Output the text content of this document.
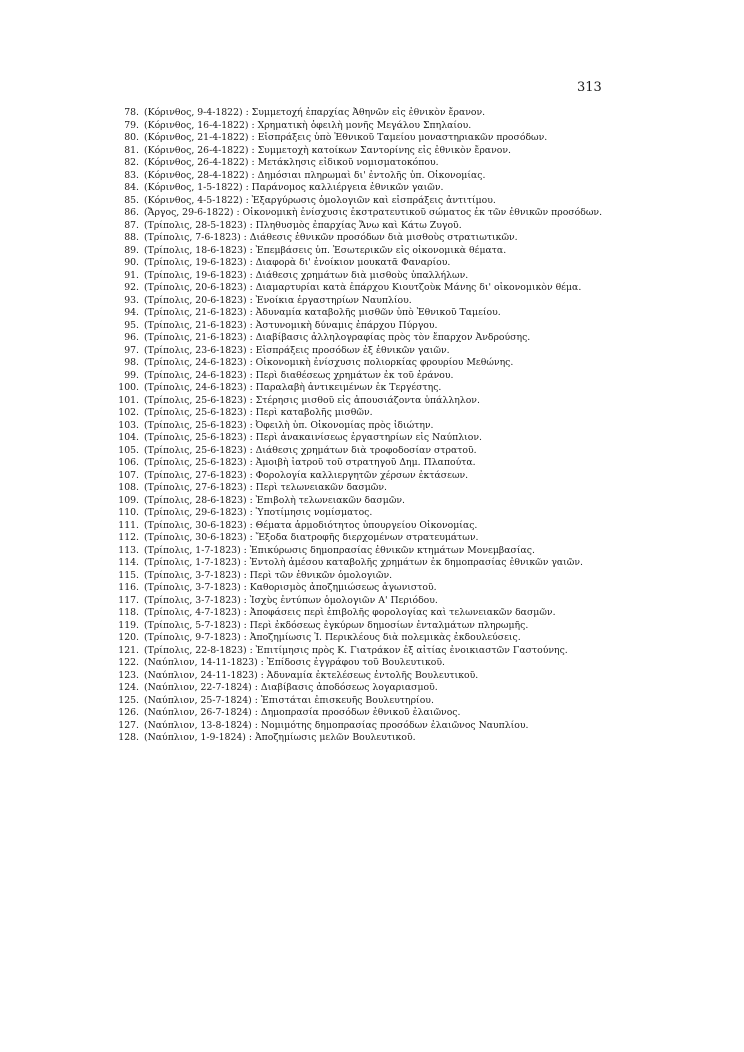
313
78. (Κόρινθος, 9-4-1822) : Συμμετοχή ἐπαρχίας Ἀθηνῶν εἰς ἐθνικὸν ἔρανον.
79. (Κόρινθος, 16-4-1822) : Χρηματικὴ ὀφειλὴ μονῆς Μεγάλου Σπηλαίου.
80. (Κόρινθος, 21-4-1822) : Εἰσπράξεις ὑπὸ Ἐθνικοῦ Ταμείου μοναστηριακῶν προσόδων.
81. (Κόρινθος, 26-4-1822) : Συμμετοχὴ κατοίκων Σαντορίνης εἰς ἐθνικὸν ἔρανον.
82. (Κόρινθος, 26-4-1822) : Μετάκλησις εἰδικοῦ νομισματοκόπου.
83. (Κόρινθος, 28-4-1822) : Δημόσιαι πληρωμαὶ δι' ἐντολῆς ὑπ. Οἰκονομίας.
84. (Κόρινθος, 1-5-1822) : Παράνομος καλλιέργεια ἐθνικῶν γαιῶν.
85. (Κόρινθος, 4-5-1822) : Ἐξαργύρωσις ὁμολογιῶν καὶ εἰσπράξεις ἀντιτίμου.
86. (Ἄργος, 29-6-1822) : Οἰκονομικὴ ἐνίσχυσις ἐκστρατευτικοῦ σώματος ἐκ τῶν ἐθνικῶν προσόδων.
87. (Τρίπολις, 28-5-1823) : Πληθυσμὸς ἐπαρχίας Ἄνω καὶ Κάτω Ζυγοῦ.
88. (Τρίπολις, 7-6-1823) : Διάθεσις ἐθνικῶν προσόδων διὰ μισθοὺς στρατιωτικῶν.
89. (Τρίπολις, 18-6-1823) : Ἐπεμβάσεις ὑπ. Ἐσωτερικῶν εἰς οἰκονομικὰ θέματα.
90. (Τρίπολις, 19-6-1823) : Διαφορὰ δι' ἐνοίκιον μουκατᾶ Φαναρίου.
91. (Τρίπολις, 19-6-1823) : Διάθεσις χρημάτων διὰ μισθοὺς ὑπαλλήλων.
92. (Τρίπολις, 20-6-1823) : Διαμαρτυρίαι κατὰ ἐπάρχου Κιουτζοὺκ Μάνης δι' οἰκονομικὸν θέμα.
93. (Τρίπολις, 20-6-1823) : Ἐνοίκια ἐργαστηρίων Ναυπλίου.
94. (Τρίπολις, 21-6-1823) : Ἀδυναμία καταβολῆς μισθῶν ὑπὸ Ἐθνικοῦ Ταμείου.
95. (Τρίπολις, 21-6-1823) : Ἀστυνομικὴ δύναμις ἐπάρχου Πύργου.
96. (Τρίπολις, 21-6-1823) : Διαβίβασις ἀλληλογραφίας πρὸς τὸν ἔπαρχον Ἀνδρούσης.
97. (Τρίπολις, 23-6-1823) : Εἰσπράξεις προσόδων ἐξ ἐθνικῶν γαιῶν.
98. (Τρίπολις, 24-6-1823) : Οἰκονομικὴ ἐνίσχυσις πολιορκίας φρουρίου Μεθώνης.
99. (Τρίπολις, 24-6-1823) : Περὶ διαθέσεως χρημάτων ἐκ τοῦ ἐράνου.
100. (Τρίπολις, 24-6-1823) : Παραλαβὴ ἀντικειμένων ἐκ Τεργέστης.
101. (Τρίπολις, 25-6-1823) : Στέρησις μισθοῦ εἰς ἀπουσιάζοντα ὑπάλληλον.
102. (Τρίπολις, 25-6-1823) : Περὶ καταβολῆς μισθῶν.
103. (Τρίπολις, 25-6-1823) : Ὀφειλὴ ὑπ. Οἰκονομίας πρὸς ἰδιώτην.
104. (Τρίπολις, 25-6-1823) : Περὶ ἀνακαινίσεως ἐργαστηρίων εἰς Ναύπλιον.
105. (Τρίπολις, 25-6-1823) : Διάθεσις χρημάτων διὰ τροφοδοσίαν στρατοῦ.
106. (Τρίπολις, 25-6-1823) : Ἀμοιβὴ ἰατροῦ τοῦ στρατηγοῦ Δημ. Πλαπούτα.
107. (Τρίπολις, 27-6-1823) : Φορολογία καλλιεργητῶν χέρσων ἐκτάσεων.
108. (Τρίπολις, 27-6-1823) : Περὶ τελωνειακῶν δασμῶν.
109. (Τρίπολις, 28-6-1823) : Ἐπιβολὴ τελωνειακῶν δασμῶν.
110. (Τρίπολις, 29-6-1823) : Ὑποτίμησις νομίσματος.
111. (Τρίπολις, 30-6-1823) : Θέματα ἁρμοδιότητος ὑπουργείου Οἰκονομίας.
112. (Τρίπολις, 30-6-1823) : Ἔξοδα διατροφῆς διερχομένων στρατευμάτων.
113. (Τρίπολις, 1-7-1823) : Ἐπικύρωσις δημοπρασίας ἐθνικῶν κτημάτων Μονεμβασίας.
114. (Τρίπολις, 1-7-1823) : Ἐντολὴ ἀμέσου καταβολῆς χρημάτων ἐκ δημοπρασίας ἐθνικῶν γαιῶν.
115. (Τρίπολις, 3-7-1823) : Περὶ τῶν ἐθνικῶν ὁμολογιῶν.
116. (Τρίπολις, 3-7-1823) : Καθορισμὸς ἀποζημιώσεως ἀγωνιστοῦ.
117. (Τρίπολις, 3-7-1823) : Ἰσχὺς ἐντύπων ὁμολογιῶν Α' Περιόδου.
118. (Τρίπολις, 4-7-1823) : Ἀποφάσεις περὶ ἐπιβολῆς φορολογίας καὶ τελωνειακῶν δασμῶν.
119. (Τρίπολις, 5-7-1823) : Περὶ ἐκδόσεως ἐγκύρων δημοσίων ἐνταλμάτων πληρωμῆς.
120. (Τρίπολις, 9-7-1823) : Ἀποζημίωσις Ἰ. Περικλέους διὰ πολεμικὰς ἐκδουλεύσεις.
121. (Τρίπολις, 22-8-1823) : Ἐπιτίμησις πρὸς Κ. Γιατράκον ἐξ αἰτίας ἐνοικιαστῶν Γαστούνης.
122. (Ναύπλιον, 14-11-1823) : Ἐπίδοσις ἐγγράφου τοῦ Βουλευτικοῦ.
123. (Ναύπλιον, 24-11-1823) : Ἀδυναμία ἐκτελέσεως ἐντολῆς Βουλευτικοῦ.
124. (Ναύπλιον, 22-7-1824) : Διαβίβασις ἀποδόσεως λογαριασμοῦ.
125. (Ναύπλιον, 25-7-1824) : Ἐπιστάται ἐπισκευῆς Βουλευτηρίου.
126. (Ναύπλιον, 26-7-1824) : Δημοπρασία προσόδων ἐθνικοῦ ἐλαιῶνος.
127. (Ναύπλιον, 13-8-1824) : Νομιμότης δημοπρασίας προσόδων ἐλαιῶνος Ναυπλίου.
128. (Ναύπλιον, 1-9-1824) : Ἀποζημίωσις μελῶν Βουλευτικοῦ.
